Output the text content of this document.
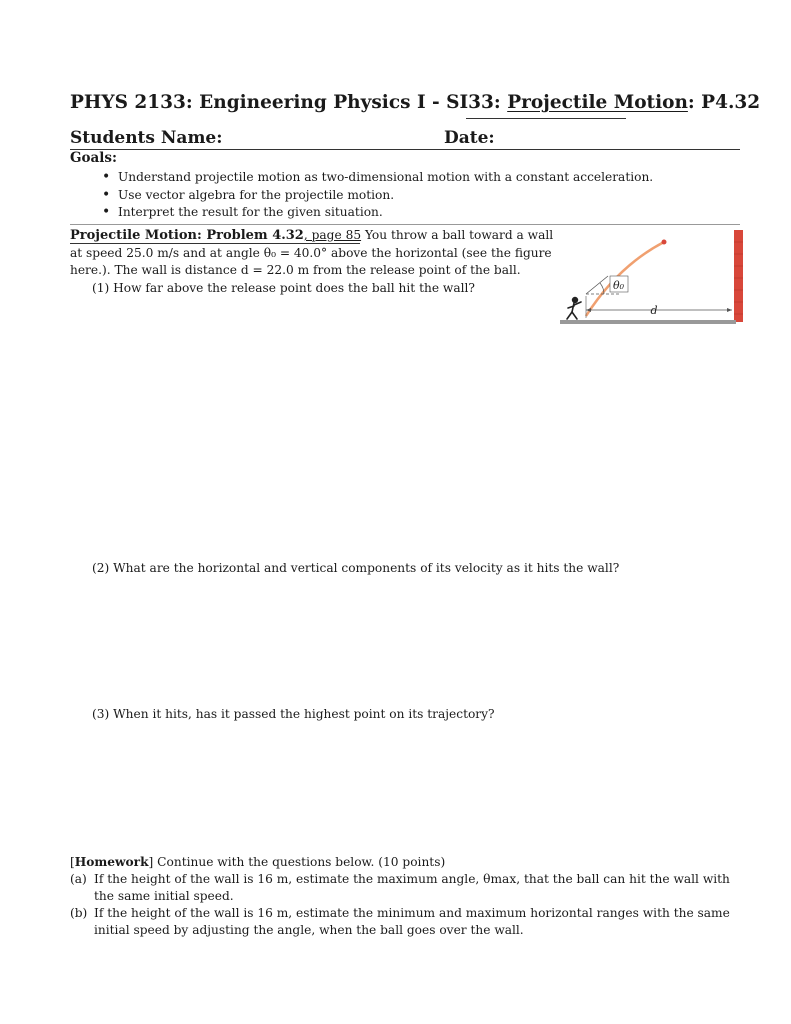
PHYS 2133: Engineering Physics I - SI33: Projectile Motion: P4.32
Students Name:	Date:
Goals:
• Understand projectile motion as two-dimensional motion with a constant acceleration.
• Use vector algebra for the projectile motion.
• Interpret the result for the given situation.
Projectile Motion: Problem 4.32, page 85 You throw a ball toward a wall at speed 25.0 m/s and at angle θ₀ = 40.0° above the horizontal (see the figure here.). The wall is distance d = 22.0 m from the release point of the ball.
(1) How far above the release point does the ball hit the wall?	θ₀
d
(2) What are the horizontal and vertical components of its velocity as it hits the wall?
(3) When it hits, has it passed the highest point on its trajectory?
[Homework] Continue with the questions below. (10 points)
(a) If the height of the wall is 16 m, estimate the maximum angle, θmax, that the ball can hit the wall with the same initial speed.
(b) If the height of the wall is 16 m, estimate the minimum and maximum horizontal ranges with the same initial speed by adjusting the angle, when the ball goes over the wall.
